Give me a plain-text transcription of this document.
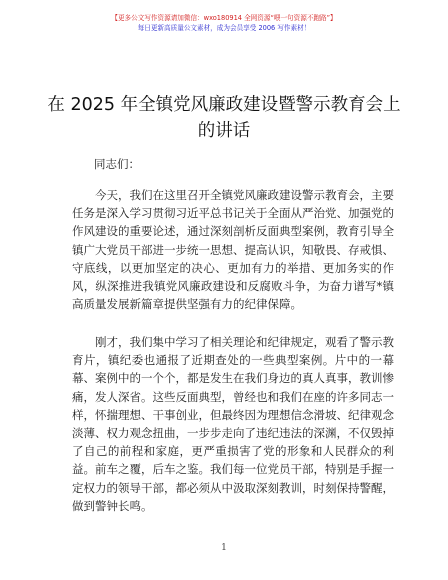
【更多公文写作资源请加微信：wxo180914 全网资源“喂一句资源不跑路”】
每日更新高质量公文素材，成为会员享受 2006 写作素材！
在 2025 年全镇党风廉政建设暨警示教育会上的讲话
同志们：

今天，我们在这里召开全镇党风廉政建设警示教育会，主要任务是深入学习贯彻习近平总书记关于全面从严治党、加强党的作风建设的重要论述，通过深刻剖析反面典型案例，教育引导全镇广大党员干部进一步统一思想、提高认识，知敬畏、存戒惧、守底线，以更加坚定的决心、更加有力的举措、更加务实的作风，纵深推进我镇党风廉政建设和反腐败斗争，为奋力谱写*镇高质量发展新篇章提供坚强有力的纪律保障。

刚才，我们集中学习了相关理论和纪律规定，观看了警示教育片，镇纪委也通报了近期查处的一些典型案例。片中的一幕幕、案例中的一个个，都是发生在我们身边的真人真事，教训惨痛，发人深省。这些反面典型，曾经也和我们在座的许多同志一样，怀揣理想、干事创业，但最终因为理想信念滑坡、纪律观念淡薄、权力观念扭曲，一步步走向了违纪违法的深渊，不仅毁掉了自己的前程和家庭，更严重损害了党的形象和人民群众的利益。前车之覆，后车之鉴。我们每一位党员干部，特别是手握一定权力的领导干部，都必须从中汲取深刻教训，时刻保持警醒，做到警钟长鸣。

1
